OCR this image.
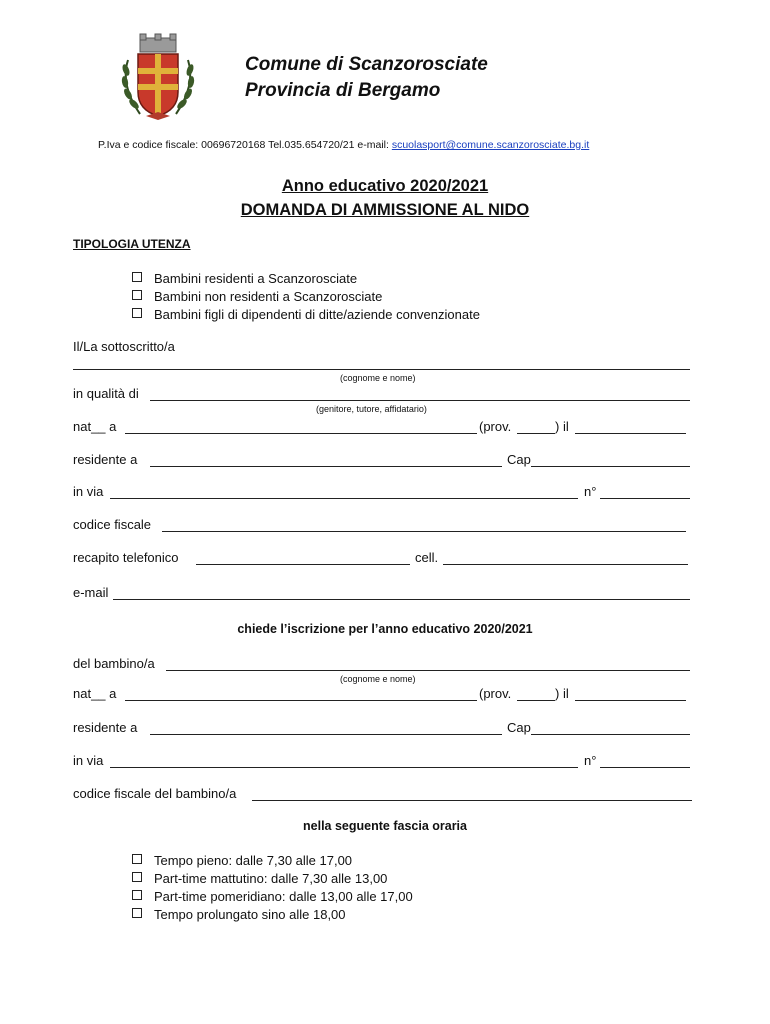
Comune di Scanzorosciate
Provincia di Bergamo
P.Iva e codice fiscale: 00696720168 Tel.035.654720/21 e-mail: scuolasport@comune.scanzorosciate.bg.it
Anno educativo 2020/2021
DOMANDA DI AMMISSIONE AL NIDO
TIPOLOGIA UTENZA
Bambini residenti a Scanzorosciate
Bambini non residenti a Scanzorosciate
Bambini figli di dipendenti di ditte/aziende convenzionate
Il/La sottoscritto/a
(cognome e nome)
in qualità di
(genitore, tutore, affidatario)
nat__ a	(prov.	) il
residente a	Cap
in via	n°
codice fiscale
recapito telefonico	cell.
e-mail
chiede l’iscrizione per l’anno educativo 2020/2021
del bambino/a
(cognome e nome)
nat__ a	(prov.	) il
residente a	Cap
in via	n°
codice fiscale del bambino/a
nella seguente fascia oraria
Tempo pieno: dalle 7,30 alle 17,00
Part-time mattutino: dalle 7,30 alle 13,00
Part-time pomeridiano: dalle 13,00 alle 17,00
Tempo prolungato sino alle 18,00
